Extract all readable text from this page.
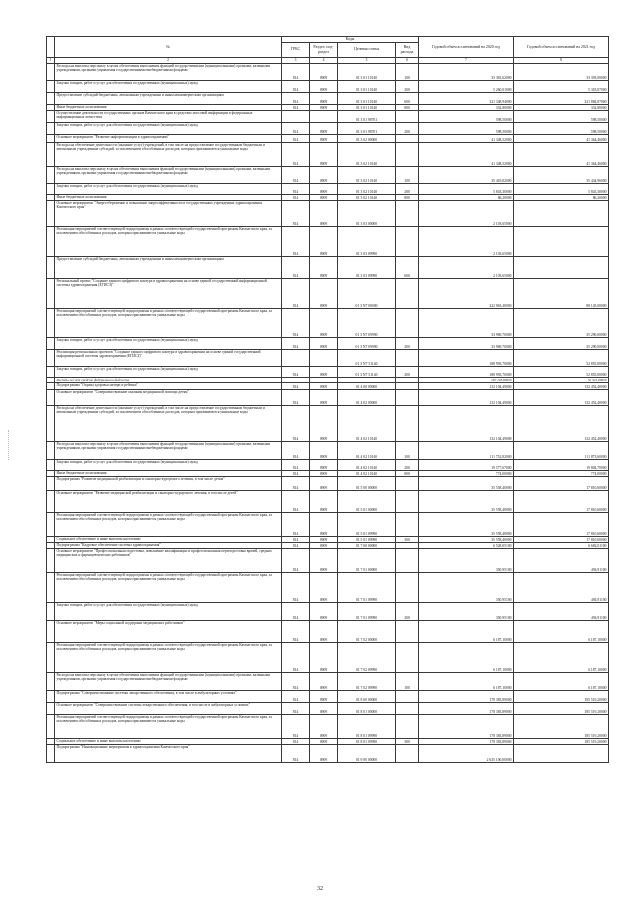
	№	Коды				Годовой объем ассигнований на 2020 год	Годовой объем ассигнований на 2021 год
		ГРБС	Раздел, под-раздел	Целевая статья	Вид расхода		
1	2	3	4	5	6	7	8
	Расходы на выплаты персоналу в целях обеспечения выполнения функций государственными (муниципальными) органами, казенными учреждениями, органами управления государственными внебюджетными фондами	814	0909	01 3 01 10140	100	33 381,62000	33 393,00000
	Закупка товаров, работ и услуг для обеспечения государственных (муниципальных) нужд	814	0909	01 3 01 10140	200	5 260,01000	5 318,07000
	Предоставление субсидий бюджетным, автономным учреждениям и иным некоммерческим организациям	814	0909	01 3 01 10140	600	321 348,94000	321 884,87000
	Иные бюджетные ассигнования	814	0909	01 3 01 10140	800	332,80000	332,80000
	Осуществление деятельности государственных органов Камчатского края в средствах массовой информации в федеральных информационных агентствах			01 3 01 98701		598,50000	598,50000
	Закупка товаров, работ и услуг для обеспечения государственных (муниципальных) нужд	814	0909	01 3 01 98701	200	598,50000	598,50000
	Основное мероприятие "Развитие информатизации в здравоохранении"	814	0909	01 3 02 00000		41 348,52000	41 364,46000
	Расходы на обеспечение деятельности (оказание услуг) учреждений, в том числе на предоставление государственным бюджетным и автономным учреждениям субсидий, за исключением обособленных расходов, которым присваиваются уникальные коды	814	0909	01 3 02 10140		41 348,52000	41 364,46000
	Расходы на выплаты персоналу в целях обеспечения выполнения функций государственными (муниципальными) органами, казенными учреждениями, органами управления государственными внебюджетными фондами	814	0909	01 3 02 10140	100	35 419,02000	35 434,96000
	Закупка товаров, работ и услуг для обеспечения государственных (муниципальных) нужд	814	0909	01 3 02 10140	200	5 843,30000	5 843,30000
	Иные бюджетные ассигнования	814	0909	01 3 02 10140	800	86,20000	86,20000
	Основное мероприятие "Энергосбережение и повышение энергоэффективности в государственных учреждениях здравоохранения Камчатского края"	814	0909	01 3 03 00000		2 103,65000	
	Реализация мероприятий соответствующей подпрограммы в рамках соответствующей государственной программы Камчатского края, за исключением обособленных расходов, которым присваиваются уникальные коды	814	0909	01 3 03 09990		2 103,65000	
	Предоставление субсидий бюджетным, автономным учреждениям и иным некоммерческим организациям	814	0909	01 3 03 09990	600	2 103,65000	
	Региональный проект "Создание единого цифрового контура в здравоохранении на основе единой государственной информационной системы здравоохранения (ЕГИСЗ)"	814	0909	01 3 N7 00000		222 963,40000	88 145,00000
	Реализация мероприятий соответствующей подпрограммы в рамках соответствующей государственной программы Камчатского края, за исключением обособленных расходов, которым присваиваются уникальные коды	814	0909	01 3 N7 09990		33 969,70000	35 290,00000
	Закупка товаров, работ и услуг для обеспечения государственных (муниципальных) нужд	814	0909	01 3 N7 09990	200	33 969,70000	35 290,00000
	Реализация региональных проектов "Создание единого цифрового контура в здравоохранении на основе единой государственной информационной системы здравоохранения (ЕГИСЗ)"			01 3 N7 51140		188 993,70000	52 855,00000
	Закупка товаров, работ и услуг для обеспечения государственных (муниципальных) нужд	814	0909	01 3 N7 51140	200	188 993,70000	52 855,00000
	Расходы за счет средств федерального бюджета					187 103,80000	52 321,00000
	Подпрограмма "Охрана здоровья матери и ребенка"	814	0909	01 4 00 00000		132 104,49000	132 452,40000
	Основное мероприятие "Совершенствование оказания медицинской помощи детям"	814	0909	01 4 02 00000		132 104,49000	132 452,40000
	Расходы на обеспечение деятельности (оказание услуг) учреждений, в том числе на предоставление государственным бюджетным и автономным учреждениям субсидий, за исключением обособленных расходов, которым присваиваются уникальные коды	814	0909	01 4 02 10140		132 104,49000	132 452,40000
	Расходы на выплаты персоналу в целях обеспечения выполнения функций государственными (муниципальными) органами, казенными учреждениями, органами управления государственными внебюджетными фондами	814	0909	01 4 02 10140	100	111 752,82000	111 873,60000
	Закупка товаров, работ и услуг для обеспечения государственных (муниципальных) нужд	814	0909	01 4 02 10140	200	19 577,67000	19 804,70000
	Иные бюджетные ассигнования	814	0909	01 4 02 10140	800	774,00000	774,00000
	Подпрограмма "Развитие медицинской реабилитации и санаторно-курортного лечения, в том числе детям"	814	0909	01 5 00 00000		35 558,40000	17 810,60000
	Основное мероприятие "Развитие медицинской реабилитации и санаторно-курортного лечения, в том числе детей"	814	0909	01 5 01 00000		35 558,40000	17 810,60000
	Реализация мероприятий соответствующей подпрограммы в рамках соответствующей государственной программы Камчатского края, за исключением обособленных расходов, которым присваиваются уникальные коды	814	0909	01 5 01 09990		35 558,40000	17 810,60000
	Социальное обеспечение и иные выплаты населению	814	0909	01 5 01 09990	300	35 558,40000	17 810,60000
	Подпрограмма "Кадровое обеспечение системы здравоохранения"	814	0909	01 7 00 00000		6 528,05100	6 682,01100
	Основное мероприятие "Профессиональная подготовка, повышение квалификации и профессиональная переподготовка врачей, средних медицинских и фармацевтических работников"	814	0909	01 7 01 00000		350,95100	494,91100
	Реализация мероприятий соответствующей подпрограммы в рамках соответствующей государственной программы Камчатского края, за исключением обособленных расходов, которым присваиваются уникальные коды	814	0909	01 7 01 09990		350,95100	494,91100
	Закупка товаров, работ и услуг для обеспечения государственных (муниципальных) нужд	814	0909	01 7 01 09990	200	350,95100	494,91100
	Основное мероприятие "Меры социальной поддержки медицинских работников"	814	0909	01 7 02 00000		6 187,10000	6 187,10000
	Реализация мероприятий соответствующей подпрограммы в рамках соответствующей государственной программы Камчатского края, за исключением обособленных расходов, которым присваиваются уникальные коды	814	0909	01 7 02 09990		6 187,10000	6 187,10000
	Расходы на выплаты персоналу в целях обеспечения выполнения функций государственными (муниципальными) органами, казенными учреждениями, органами управления государственными внебюджетными фондами	814	0909	01 7 02 09990	100	6 187,10000	6 187,10000
	Подпрограмма "Совершенствование системы лекарственного обеспечения, в том числе в амбулаторных условиях"	814	0909	01 8 00 00000		178 383,89000	185 519,20000
	Основное мероприятие "Совершенствование системы лекарственного обеспечения, в том числе в амбулаторных условиях"	814	0909	01 8 01 00000		178 383,89000	185 519,20000
	Реализация мероприятий соответствующей подпрограммы в рамках соответствующей государственной программы Камчатского края, за исключением обособленных расходов, которым присваиваются уникальные коды	814	0909	01 8 01 09990		178 383,89000	185 519,20000
	Социальное обеспечение и иные выплаты населению	814	0909	01 8 01 09990	300	178 383,89000	185 519,20000
	Подпрограмма "Инновационные мероприятия в здравоохранении Камчатского края"	814	0909	01 9 00 00000		2 635 100,00000	
32
